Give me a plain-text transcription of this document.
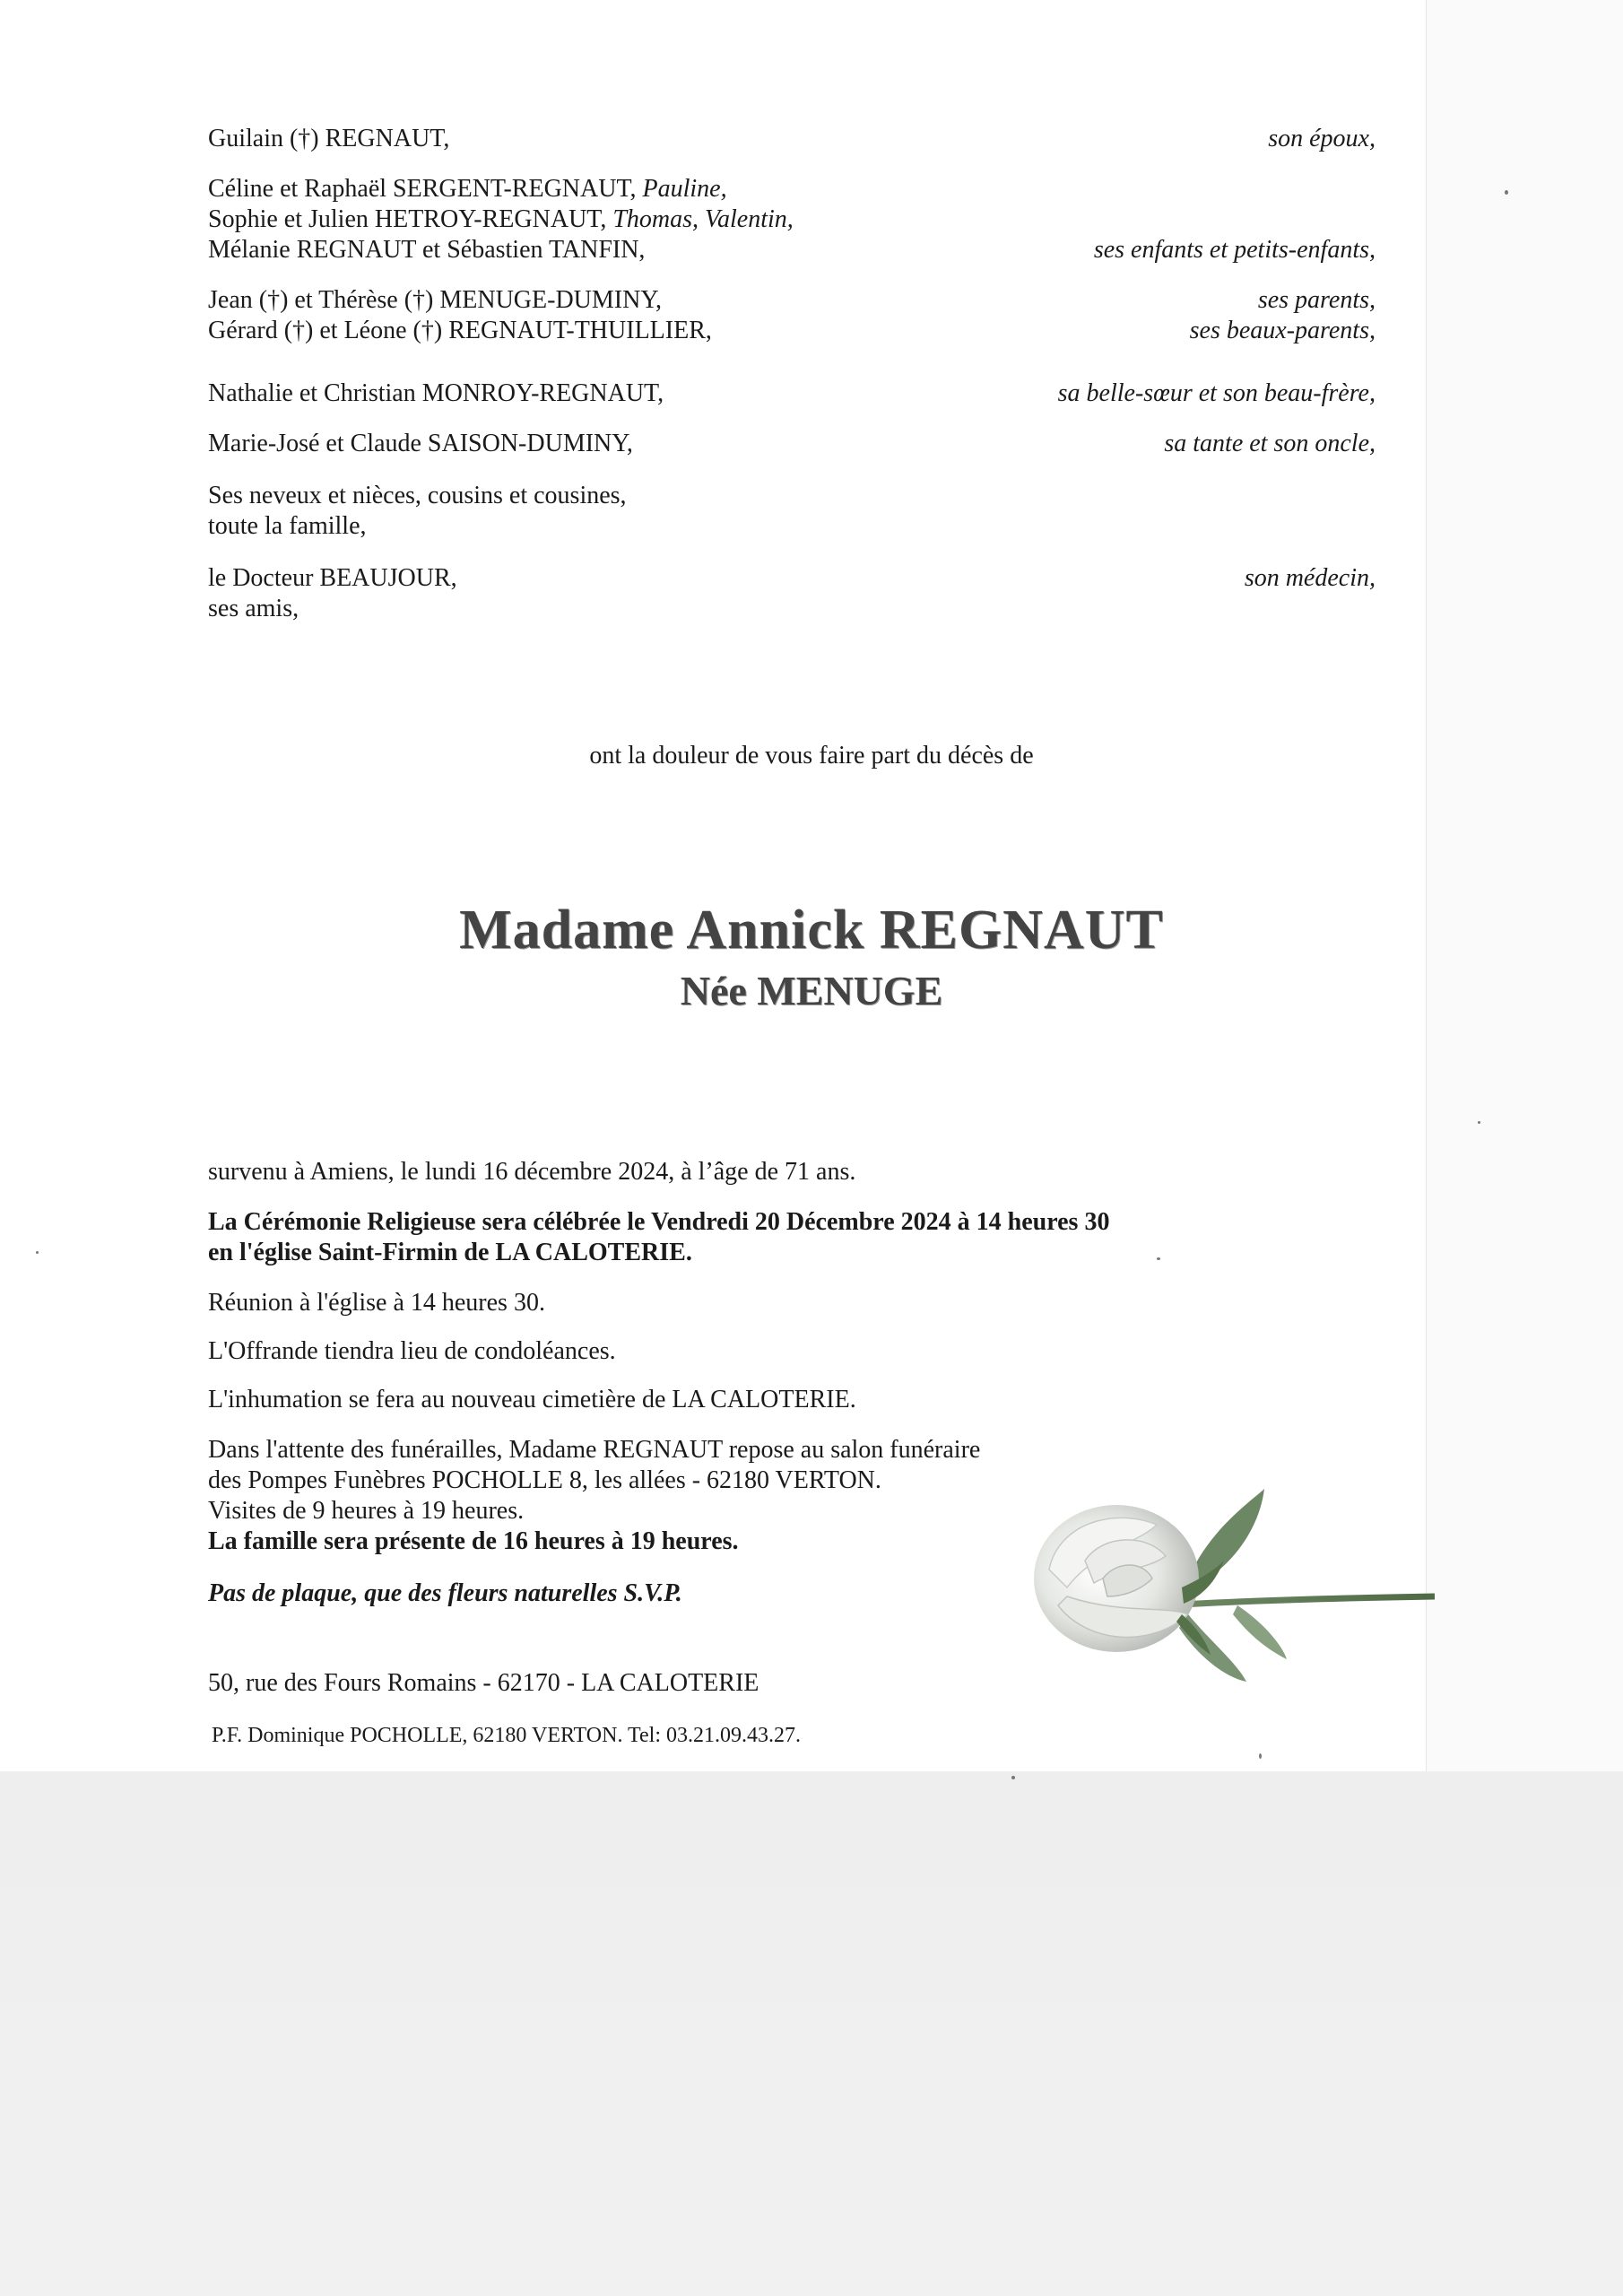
Guilain (†) REGNAUT,	son époux,
Céline et Raphaël SERGENT-REGNAUT, Pauline,
Sophie et Julien HETROY-REGNAUT, Thomas, Valentin,
Mélanie REGNAUT et Sébastien TANFIN,	ses enfants et petits-enfants,
Jean (†) et Thérèse (†) MENUGE-DUMINY,	ses parents,
Gérard (†) et Léone (†) REGNAUT-THUILLIER,	ses beaux-parents,
Nathalie et Christian MONROY-REGNAUT,	sa belle-sœur et son beau-frère,
Marie-José et Claude SAISON-DUMINY,	sa tante et son oncle,
Ses neveux et nièces, cousins et cousines,
toute la famille,
le Docteur BEAUJOUR,	son médecin,
ses amis,
ont la douleur de vous faire part du décès de
Madame Annick REGNAUT
Née MENUGE
survenu à Amiens, le lundi 16 décembre 2024, à l’âge de 71 ans.
La Cérémonie Religieuse sera célébrée le Vendredi 20 Décembre 2024 à 14 heures 30
en l'église Saint-Firmin de LA CALOTERIE.
Réunion à l'église à 14 heures 30.
L'Offrande tiendra lieu de condoléances.
L'inhumation se fera au nouveau cimetière de LA CALOTERIE.
Dans l'attente des funérailles, Madame REGNAUT repose au salon funéraire
des Pompes Funèbres POCHOLLE 8, les allées - 62180 VERTON.
Visites de 9 heures à 19 heures.
La famille sera présente de 16 heures à 19 heures.
Pas de plaque, que des fleurs naturelles S.V.P.
50, rue des Fours Romains - 62170 - LA CALOTERIE
P.F. Dominique POCHOLLE, 62180 VERTON. Tel: 03.21.09.43.27.
